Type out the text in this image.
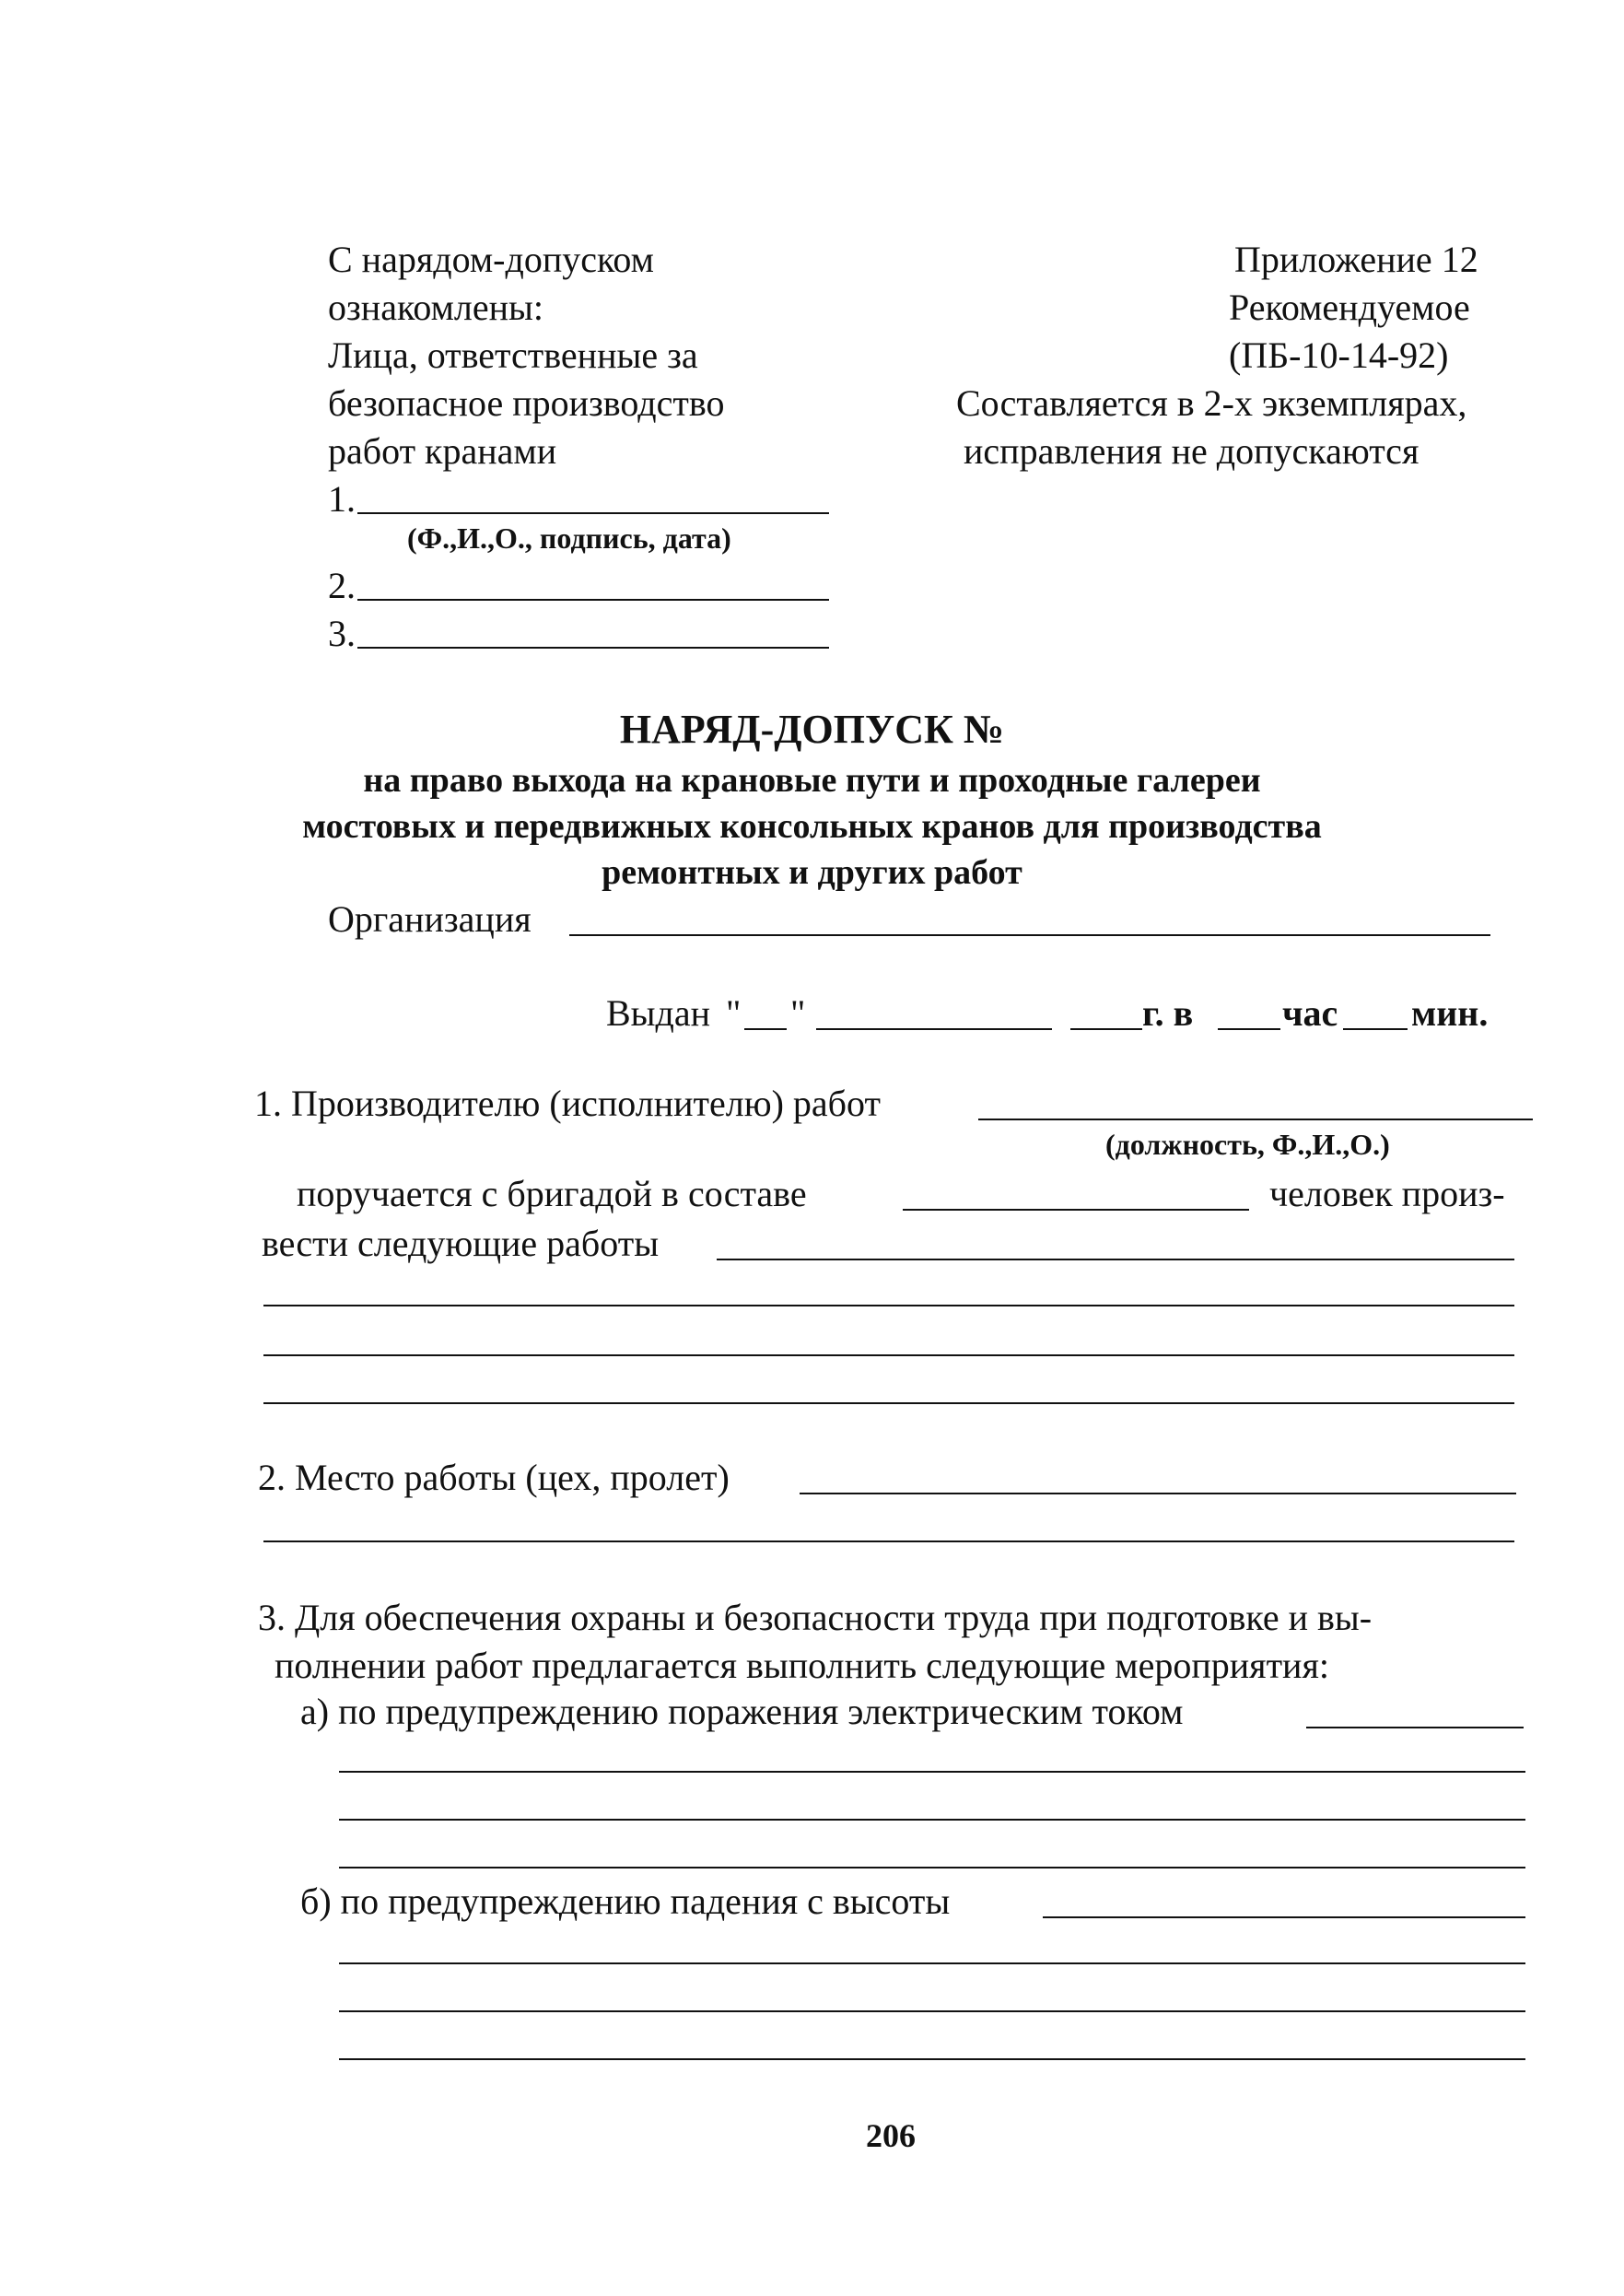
С нарядом-допуском
ознакомлены:
Лица, ответственные за
безопасное производство
работ кранами
1.
(Ф.,И.,О., подпись, дата)
2.
3.
Приложение 12
Рекомендуемое
(ПБ-10-14-92)
Составляется в 2-х экземплярах,
исправления не допускаются
НАРЯД-ДОПУСК №
на право выхода на крановые пути и проходные галереи
мостовых и передвижных консольных кранов для производства
ремонтных и других работ
Организация
Выдан " "	г. в час мин.
1. Производителю (исполнителю) работ
(должность, Ф.,И.,О.)
поручается с бригадой в составе	человек произ-
вести следующие работы
2. Место работы (цех, пролет)
3. Для обеспечения охраны и безопасности труда при подготовке и вы-
полнении работ предлагается выполнить следующие мероприятия:
а) по предупреждению поражения электрическим током
б) по предупреждению падения с высоты
206
